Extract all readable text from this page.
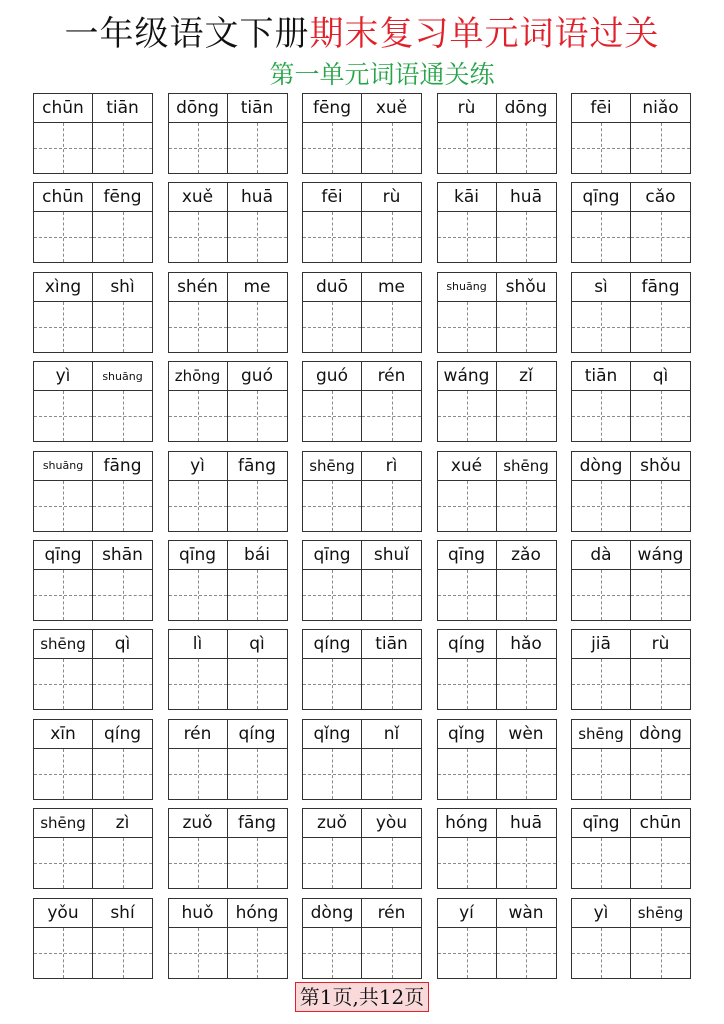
一年级语文下册期末复习单元词语过关
第一单元词语通关练
chūn	tiān	dōng	tiān	fēng	xuě	rù	dōng	fēi	niǎo
chūn	fēng	xuě	huā	fēi	rù	kāi	huā	qīng	cǎo
xìng	shì	shén	me	duō	me	shuāng	shǒu	sì	fāng
yì	shuāng	zhōng	guó	guó	rén	wáng	zǐ	tiān	qì
shuāng	fāng	yì	fāng	shēng	rì	xué	shēng	dòng	shǒu
qīng	shān	qīng	bái	qīng	shuǐ	qīng	zǎo	dà	wáng
shēng	qì	lì	qì	qíng	tiān	qíng	hǎo	jiā	rù
xīn	qíng	rén	qíng	qǐng	nǐ	qǐng	wèn	shēng dòng
shēng	zì	zuǒ	fāng	zuǒ	yòu	hóng	huā	qīng	chūn
yǒu	shí	huǒ	hóng	dòng	rén	yí	wàn	yì	shēng
第1页,共12页
